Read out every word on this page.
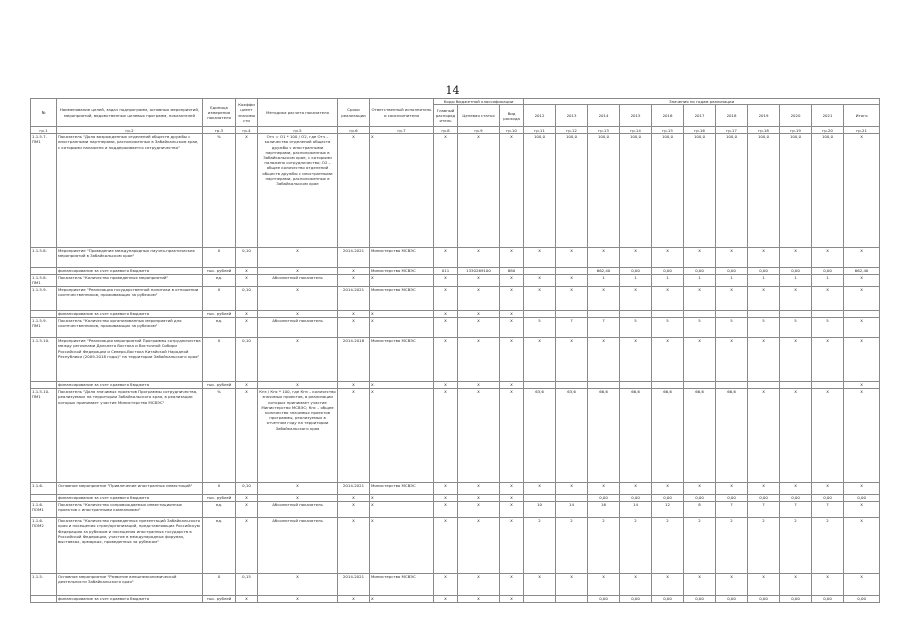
14
№	Наименование целей, задач подпрограмм, основных мероприятий, мероприятий, ведомственных целевых программ, показателей	Единица измерения показателя	Коэффициент значимости	Методика расчета показателя	Сроки реализации	Ответственный исполнитель и соисполнители	Коды бюджетной классификации			Значения по годам реализации										
							Главный распорядитель	Целевая статья	Вид расхода	2012	2013	2014	2015	2016	2017	2018	2019	2020	2021	Итого
гр.1	гр.2	гр.3	гр.4	гр.5	гр.6	гр.7	гр.8	гр.9	гр.10	гр.11	гр.12	гр.13	гр.14	гр.15	гр.16	гр.17	гр.18	гр.19	гр.20	гр.21
1.1.5.7. ПМ1	Показатель "Доля возрожденных отделений обществ дружбы с иностранными партнерами, расположенных в Забайкальском крае, с которыми налажено и поддерживается сотрудничество"	%	Х	Отч = О1 * 100 / О2, где Отч – количество отделений обществ дружбы с иностранными партнерами, расположенных в Забайкальском крае, с которыми налажено сотрудничество; О2 – общее количество отделений обществ дружбы с иностранными партнерами, расположенных в Забайкальском крае	Х	Х	Х	Х	Х	100,0	100,0	100,0	100,0	100,0	100,0	100,0	100,0	100,0	100,0	Х
1.1.5.8.	Мероприятие "Проведение международных научно-практических мероприятий в Забайкальском крае"	Х	0,10	Х	2014-2021	Министерство МСВЭС	Х	Х	Х	Х	Х	Х	Х	Х	Х	Х	Х	Х	Х	Х
	финансирование за счет краевого бюджета	тыс. рублей	Х	Х	Х	Министерство МСВЭС	011	1330269100	880			662,40	0,00	0,00	0,00	0,00	0,00	0,00	0,00	662,40
1.1.5.8. ПМ1	Показатель "Количество проведенных мероприятий"	ед.	Х	Абсолютный показатель	Х	Х	Х	Х	Х	Х	Х	1	1	1	1	1	1	1	1	Х
1.1.5.9.	Мероприятие "Реализация государственной политики в отношении соотечественников, проживающих за рубежом"	Х	0,10	Х	2014-2021	Министерство МСВЭС	Х	Х	Х	Х	Х	Х	Х	Х	Х	Х	Х	Х	Х	Х
	финансирование за счет краевого бюджета	тыс. рублей	Х	Х	Х	Х	Х	Х	Х											
1.1.5.9. ПМ1	Показатель "Количество организованных мероприятий для соотечественников, проживающих за рубежом"	ед.	Х	Абсолютный показатель	Х	Х	Х	Х	Х	5	7	7	5	5	5	5	5	5	5	Х
1.1.5.10.	Мероприятие "Реализация мероприятий Программы сотрудничества между регионами Дальнего Востока и Восточной Сибири Российской Федерации и Северо-Востока Китайской Народной Республики (2009-2018 годы)" на территории Забайкальского края"	Х	0,10	Х	2014-2018	Министерство МСВЭС	Х	Х	Х	Х	Х	Х	Х	Х	Х	Х	Х	Х	Х	Х
	финансирование за счет краевого бюджета	тыс. рублей	Х	Х	Х	Х	Х	Х	Х											Х
1.1.5.10. ПМ1	Показатель "Доля значимых проектов Программы сотрудничества, реализуемых на территории Забайкальского края, в реализации которых принимает участие Министерство МСВЭС"	%	Х	Кпз / Кпс * 100, где Кпз – количество значимых проектов, в реализации которых принимает участие Министерство МСВЭС; Кпс – общее количество значимых проектов программы, реализуемых в отчетном году на территории Забайкальского края	Х	Х	Х	Х	Х	63,6	63,6	66,6	66,6	66,6	66,6	66,6	Х	Х	Х	Х
1.1.6.	Основное мероприятие "Привлечение иностранных инвестиций"	Х	0,10	Х	2014-2021	Министерство МСВЭС	Х	Х	Х	Х	Х	Х	Х	Х	Х	Х	Х	Х	Х	Х
	финансирование за счет краевого бюджета	тыс. рублей	Х	Х	Х	Х	Х	Х	Х			0,00	0,00	0,00	0,00	0,00	0,00	0,00	0,00	0,00
1.1.6. ПОМ1	Показатель "Количество сопровождаемых инвестиционных проектов с иностранными компаниями"	ед.	Х	Абсолютный показатель	Х	Х	Х	Х	Х	10	14	16	14	12	8	7	7	7	7	Х
1.1.6. ПОМ2	Показатель "Количество проведенных презентаций Забайкальского края и посещения стран/организаций, представляющих Российскую Федерацию за рубежом и посещения иностранных государств в Российской Федерации, участие в международных форумах, выставках, ярмарках, проведенных за рубежом"	ед.	Х	Абсолютный показатель	Х	Х	Х	Х	Х	2	2	2	2	2	2	2	2	2	2	Х
1.1.5.	Основное мероприятие "Развитие внешнеэкономической деятельности Забайкальского края"	Х	0,15	Х	2014-2021	Министерство МСВЭС	Х	Х	Х	Х	Х	Х	Х	Х	Х	Х	Х	Х	Х	Х
	финансирование за счет краевого бюджета	тыс. рублей	Х	Х	Х	Х	Х	Х	Х			0,00	0,00	0,00	0,00	0,00	0,00	0,00	0,00	0,00
